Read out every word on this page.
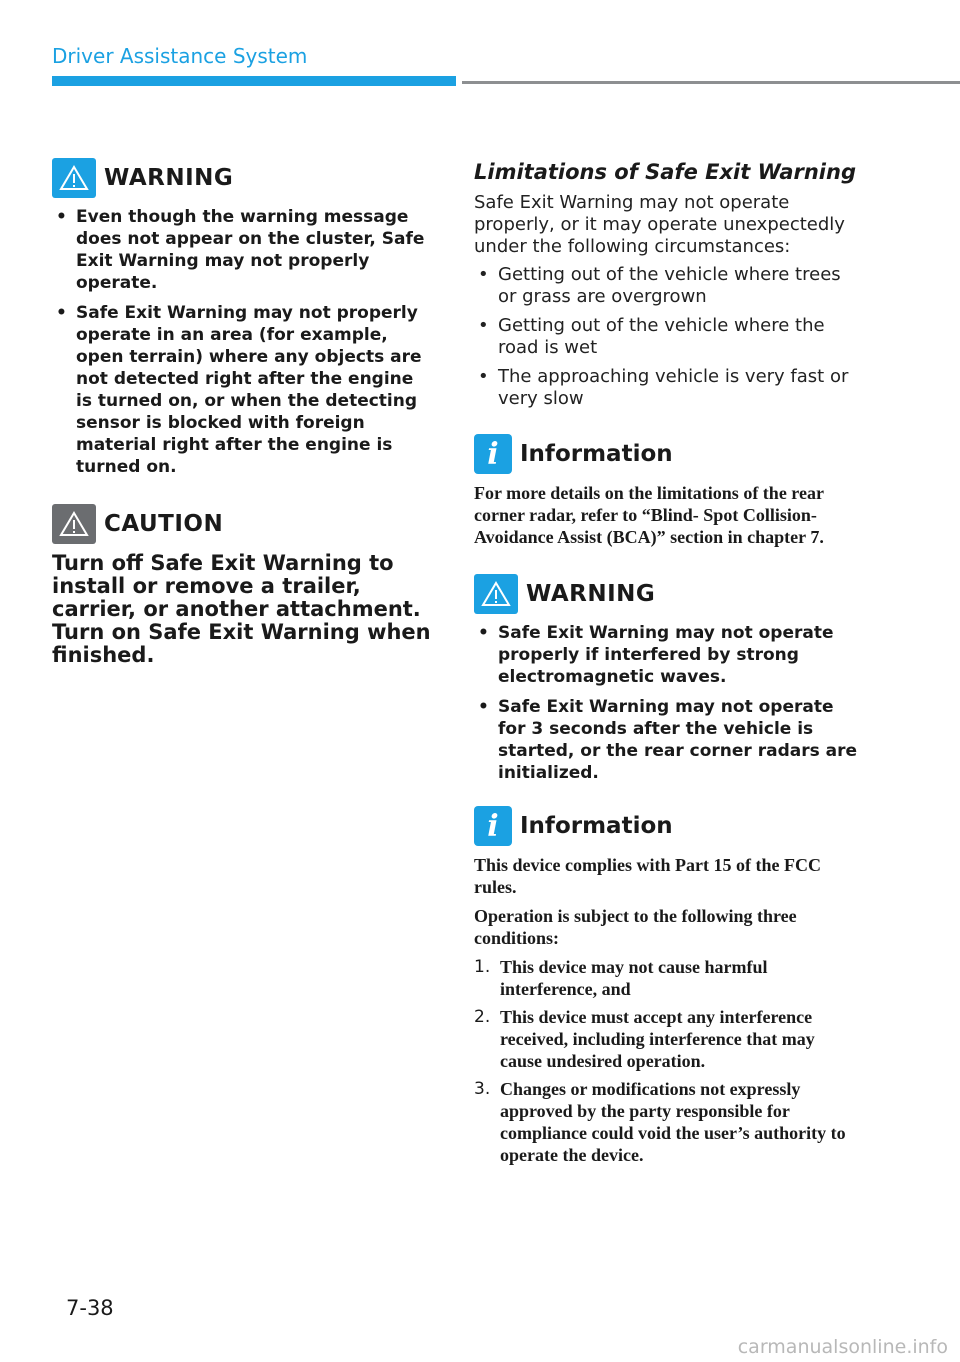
Driver Assistance System
WARNING
• Even though the warning message does not appear on the cluster, Safe Exit Warning may not properly operate.
• Safe Exit Warning may not properly operate in an area (for example, open terrain) where any objects are not detected right after the engine is turned on, or when the detecting sensor is blocked with foreign material right after the engine is turned on.
CAUTION
Turn off Safe Exit Warning to install or remove a trailer, carrier, or another attachment. Turn on Safe Exit Warning when finished.
Limitations of Safe Exit Warning

Safe Exit Warning may not operate properly, or it may operate unexpectedly under the following circumstances:

• Getting out of the vehicle where trees or grass are overgrown
• Getting out of the vehicle where the road is wet
• The approaching vehicle is very fast or very slow
i Information

For more details on the limitations of the rear corner radar, refer to “Blind- Spot Collision-Avoidance Assist (BCA)” section in chapter 7.

WARNING
• Safe Exit Warning may not operate properly if interfered by strong electromagnetic waves.
• Safe Exit Warning may not operate for 3 seconds after the vehicle is started, or the rear corner radars are initialized.
i Information

This device complies with Part 15 of the FCC rules.

Operation is subject to the following three conditions:

1. This device may not cause harmful interference, and
2. This device must accept any interference received, including interference that may cause undesired operation.
3. Changes or modifications not expressly approved by the party responsible for compliance could void the user’s authority to operate the device.
7-38
carmanualsonline.info
